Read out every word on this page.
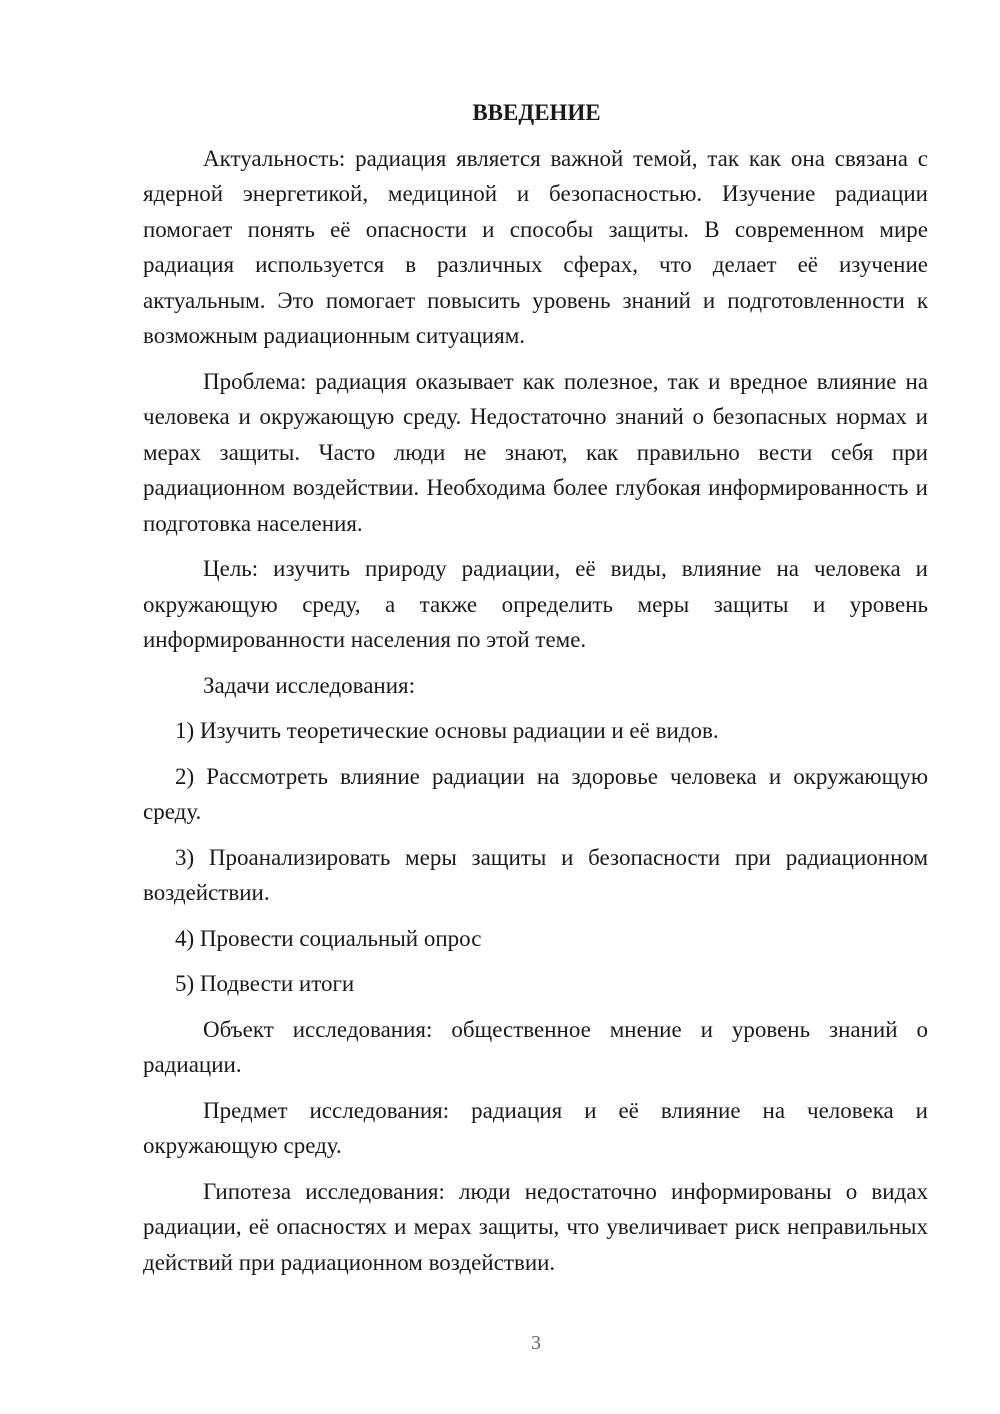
ВВЕДЕНИЕ

Актуальность: радиация является важной темой, так как она связана с ядерной энергетикой, медициной и безопасностью. Изучение радиации помогает понять её опасности и способы защиты. В современном мире радиация используется в различных сферах, что делает её изучение актуальным. Это помогает повысить уровень знаний и подготовленности к возможным радиационным ситуациям.

Проблема: радиация оказывает как полезное, так и вредное влияние на человека и окружающую среду. Недостаточно знаний о безопасных нормах и мерах защиты. Часто люди не знают, как правильно вести себя при радиационном воздействии. Необходима более глубокая информированность и подготовка населения.

Цель: изучить природу радиации, её виды, влияние на человека и окружающую среду, а также определить меры защиты и уровень информированности населения по этой теме.

Задачи исследования:

1) Изучить теоретические основы радиации и её видов.

2) Рассмотреть влияние радиации на здоровье человека и окружающую среду.

3) Проанализировать меры защиты и безопасности при радиационном воздействии.

4) Провести социальный опрос

5) Подвести итоги

Объект исследования: общественное мнение и уровень знаний о радиации.

Предмет исследования: радиация и её влияние на человека и окружающую среду.

Гипотеза исследования: люди недостаточно информированы о видах радиации, её опасностях и мерах защиты, что увеличивает риск неправильных действий при радиационном воздействии.

3
